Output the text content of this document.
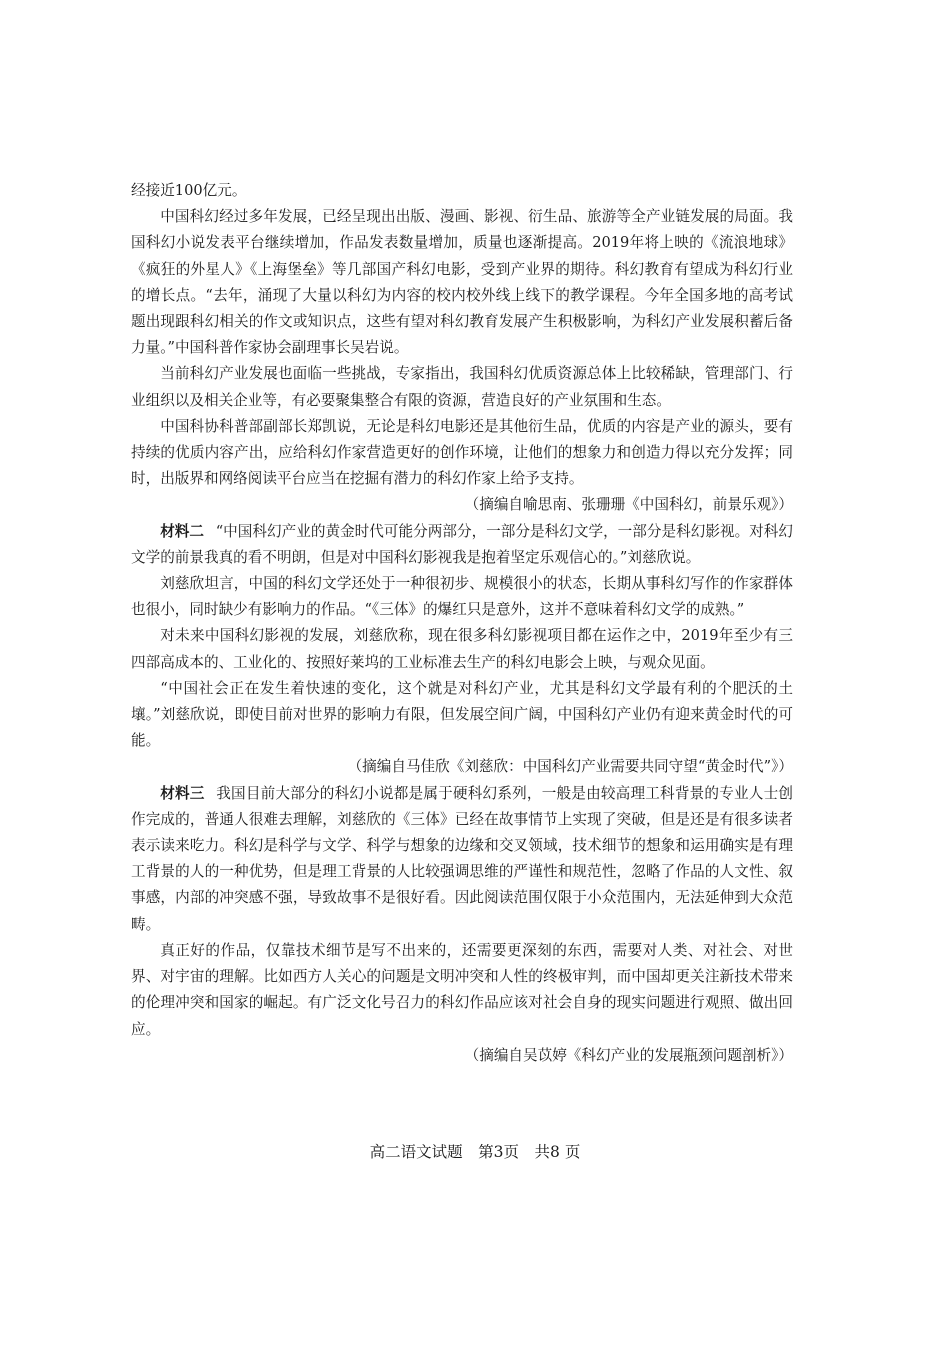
经接近100亿元。

中国科幻经过多年发展，已经呈现出出版、漫画、影视、衍生品、旅游等全产业链发展的局面。我国科幻小说发表平台继续增加，作品发表数量增加，质量也逐渐提高。2019年将上映的《流浪地球》《疯狂的外星人》《上海堡垒》等几部国产科幻电影，受到产业界的期待。科幻教育有望成为科幻行业的增长点。“去年，涌现了大量以科幻为内容的校内校外线上线下的教学课程。今年全国多地的高考试题出现跟科幻相关的作文或知识点，这些有望对科幻教育发展产生积极影响，为科幻产业发展积蓄后备力量。”中国科普作家协会副理事长吴岩说。

当前科幻产业发展也面临一些挑战，专家指出，我国科幻优质资源总体上比较稀缺，管理部门、行业组织以及相关企业等，有必要聚集整合有限的资源，营造良好的产业氛围和生态。

中国科协科普部副部长郑凯说，无论是科幻电影还是其他衍生品，优质的内容是产业的源头，要有持续的优质内容产出，应给科幻作家营造更好的创作环境，让他们的想象力和创造力得以充分发挥；同时，出版界和网络阅读平台应当在挖掘有潜力的科幻作家上给予支持。

（摘编自喻思南、张珊珊《中国科幻，前景乐观》）

材料二 “中国科幻产业的黄金时代可能分两部分，一部分是科幻文学，一部分是科幻影视。对科幻文学的前景我真的看不明朗，但是对中国科幻影视我是抱着坚定乐观信心的。”刘慈欣说。

刘慈欣坦言，中国的科幻文学还处于一种很初步、规模很小的状态，长期从事科幻写作的作家群体也很小，同时缺少有影响力的作品。“《三体》的爆红只是意外，这并不意味着科幻文学的成熟。”

对未来中国科幻影视的发展，刘慈欣称，现在很多科幻影视项目都在运作之中，2019年至少有三四部高成本的、工业化的、按照好莱坞的工业标准去生产的科幻电影会上映，与观众见面。

“中国社会正在发生着快速的变化，这个就是对科幻产业，尤其是科幻文学最有利的个肥沃的土壤。”刘慈欣说，即使目前对世界的影响力有限，但发展空间广阔，中国科幻产业仍有迎来黄金时代的可能。

（摘编自马佳欣《刘慈欣：中国科幻产业需要共同守望“黄金时代”》）

材料三 我国目前大部分的科幻小说都是属于硬科幻系列，一般是由较高理工科背景的专业人士创作完成的，普通人很难去理解，刘慈欣的《三体》已经在故事情节上实现了突破，但是还是有很多读者表示读来吃力。科幻是科学与文学、科学与想象的边缘和交叉领域，技术细节的想象和运用确实是有理工背景的人的一种优势，但是理工背景的人比较强调思维的严谨性和规范性，忽略了作品的人文性、叙事感，内部的冲突感不强，导致故事不是很好看。因此阅读范围仅限于小众范围内，无法延伸到大众范畴。

真正好的作品，仅靠技术细节是写不出来的，还需要更深刻的东西，需要对人类、对社会、对世界、对宇宙的理解。比如西方人关心的问题是文明冲突和人性的终极审判，而中国却更关注新技术带来的伦理冲突和国家的崛起。有广泛文化号召力的科幻作品应该对社会自身的现实问题进行观照、做出回应。

（摘编自吴苡婷《科幻产业的发展瓶颈问题剖析》）

高二语文试题　第3页　共8 页
